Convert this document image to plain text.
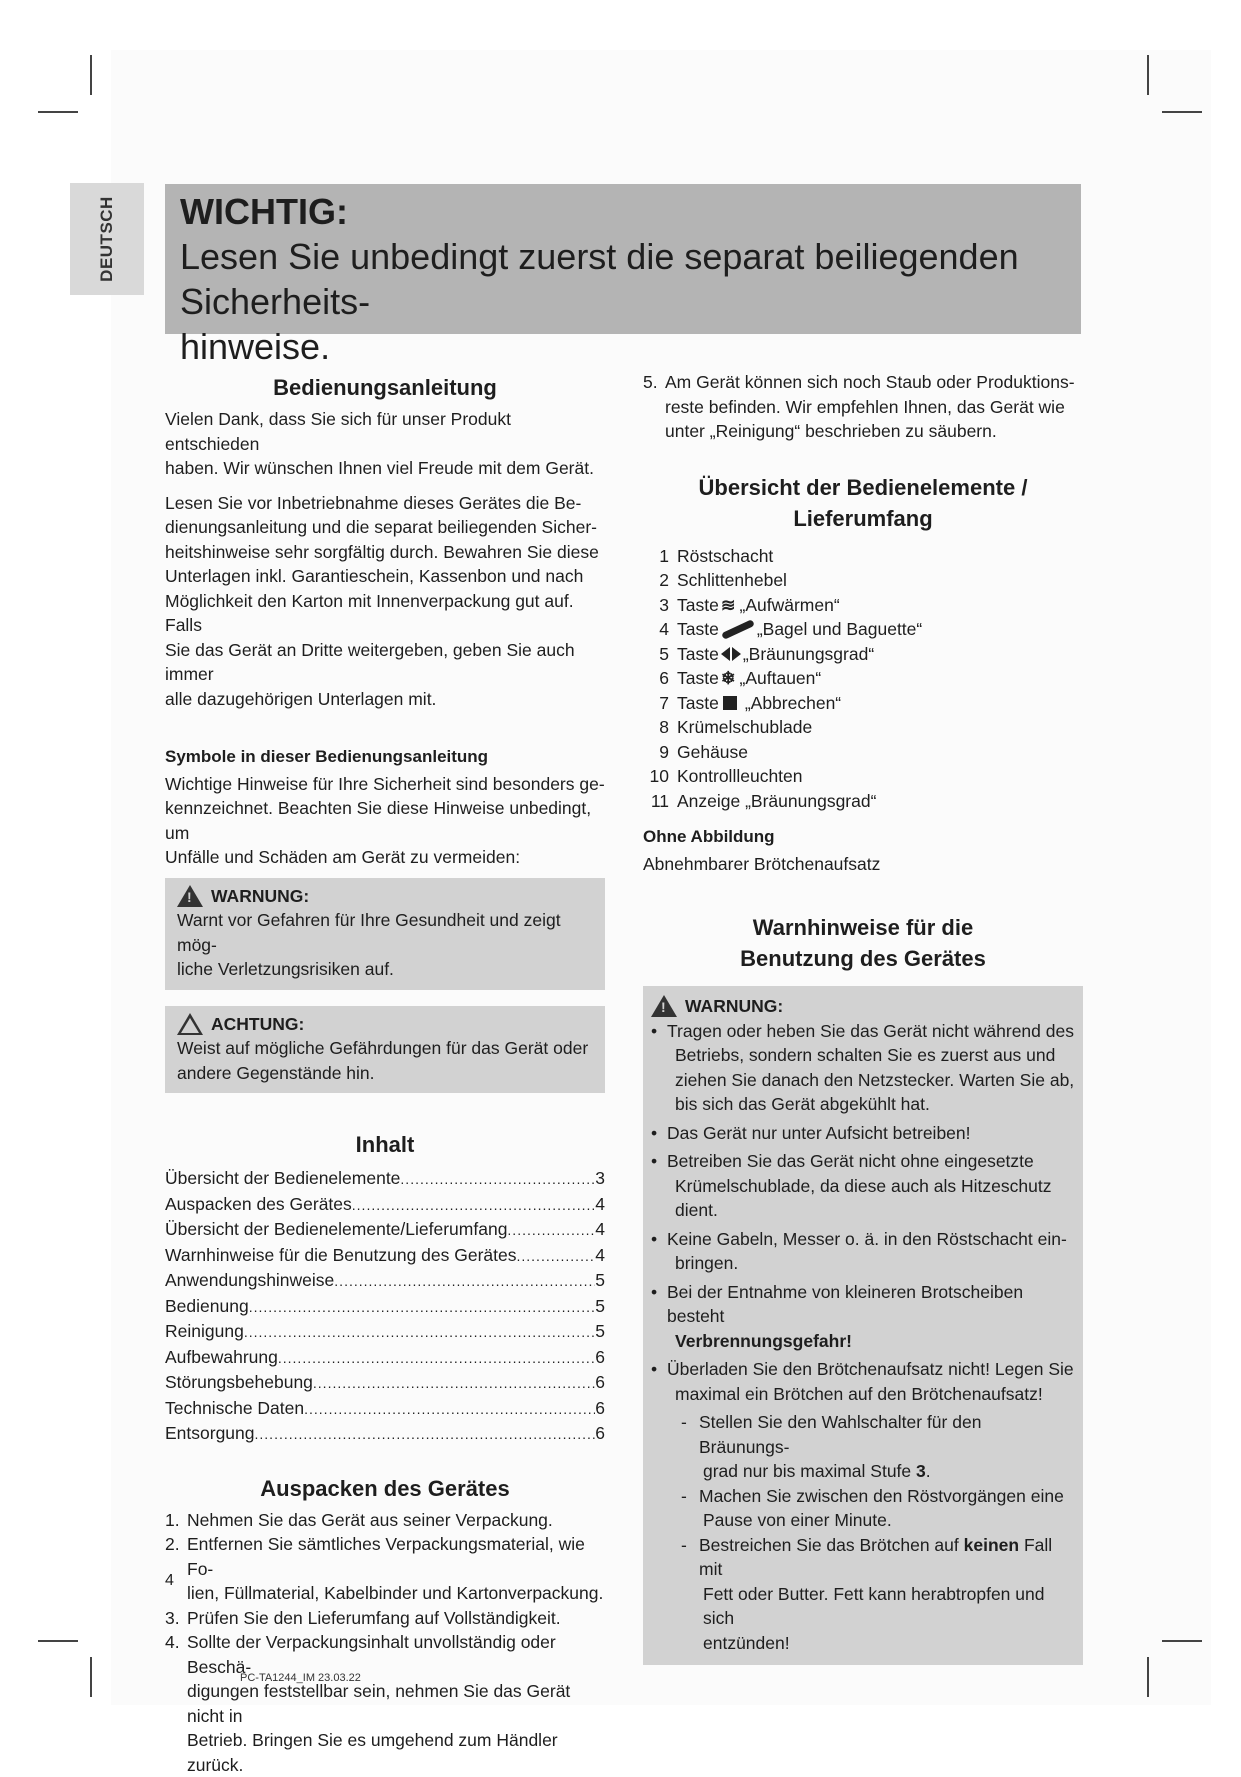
DEUTSCH WICHTIG:
Lesen Sie unbedingt zuerst die separat beiliegenden Sicherheits-
hinweise.
Bedienungsanleitung

Vielen Dank, dass Sie sich für unser Produkt entschieden
haben. Wir wünschen Ihnen viel Freude mit dem Gerät.

Lesen Sie vor Inbetriebnahme dieses Gerätes die Be-
dienungsanleitung und die separat beiliegenden Sicher-
heitshinweise sehr sorgfältig durch. Bewahren Sie diese
Unterlagen inkl. Garantieschein, Kassenbon und nach
Möglichkeit den Karton mit Innenverpackung gut auf. Falls
Sie das Gerät an Dritte weitergeben, geben Sie auch immer
alle dazugehörigen Unterlagen mit.

Symbole in dieser Bedienungsanleitung

Wichtige Hinweise für Ihre Sicherheit sind besonders ge-
kennzeichnet. Beachten Sie diese Hinweise unbedingt, um
Unfälle und Schäden am Gerät zu vermeiden:

!
WARNUNG:
Warnt vor Gefahren für Ihre Gesundheit und zeigt mög-
liche Verletzungsrisiken auf.
ACHTUNG:
Weist auf mögliche Gefährdungen für das Gerät oder
andere Gegenstände hin.
Inhalt
Übersicht der Bedienelemente .....	3
Auspacken des Gerätes .....	4
Übersicht der Bedienelemente/Lieferumfang .....	4
Warnhinweise für die Benutzung des Gerätes .....	4
Anwendungshinweise .....	5
Bedienung .....	5
Reinigung .....	5
Aufbewahrung .....	6
Störungsbehebung .....	6
Technische Daten .....	6
Entsorgung .....	6
Auspacken des Gerätes
1. Nehmen Sie das Gerät aus seiner Verpackung.
2. Entfernen Sie sämtliches Verpackungsmaterial, wie Fo-
lien, Füllmaterial, Kabelbinder und Kartonverpackung.
3. Prüfen Sie den Lieferumfang auf Vollständigkeit.
4. Sollte der Verpackungsinhalt unvollständig oder Beschä-
digungen feststellbar sein, nehmen Sie das Gerät nicht in
Betrieb. Bringen Sie es umgehend zum Händler zurück.
5. Am Gerät können sich noch Staub oder Produktions-
reste befinden. Wir empfehlen Ihnen, das Gerät wie
unter „Reinigung“ beschrieben zu säubern.
Übersicht der Bedienelemente /
Lieferumfang
1 Röstschacht
2 Schlittenhebel
3 Taste ≋ „Aufwärmen“
4 Taste „Bagel und Baguette“
5 Taste „Bräunungsgrad“
6 Taste ❄ „Auftauen“
7 Taste „Abbrechen“
8 Krümelschublade
9 Gehäuse
10 Kontrollleuchten
11 Anzeige „Bräunungsgrad“

Ohne Abbildung

Abnehmbarer Brötchenaufsatz

Warnhinweise für die
Benutzung des Gerätes
!
WARNUNG:
• Tragen oder heben Sie das Gerät nicht während des
Betriebs, sondern schalten Sie es zuerst aus und
ziehen Sie danach den Netzstecker. Warten Sie ab,
bis sich das Gerät abgekühlt hat.
• Das Gerät nur unter Aufsicht betreiben!
• Betreiben Sie das Gerät nicht ohne eingesetzte
Krümelschublade, da diese auch als Hitzeschutz dient.
• Keine Gabeln, Messer o. ä. in den Röstschacht ein-
bringen.
• Bei der Entnahme von kleineren Brotscheiben besteht
Verbrennungsgefahr!
• Überladen Sie den Brötchenaufsatz nicht! Legen Sie
maximal ein Brötchen auf den Brötchenaufsatz!
- Stellen Sie den Wahlschalter für den Bräunungs-
grad nur bis maximal Stufe 3.
- Machen Sie zwischen den Röstvorgängen eine
Pause von einer Minute.
- Bestreichen Sie das Brötchen auf keinen Fall mit
Fett oder Butter. Fett kann herabtropfen und sich
entzünden!
4
PC-TA1244_IM 23.03.22
